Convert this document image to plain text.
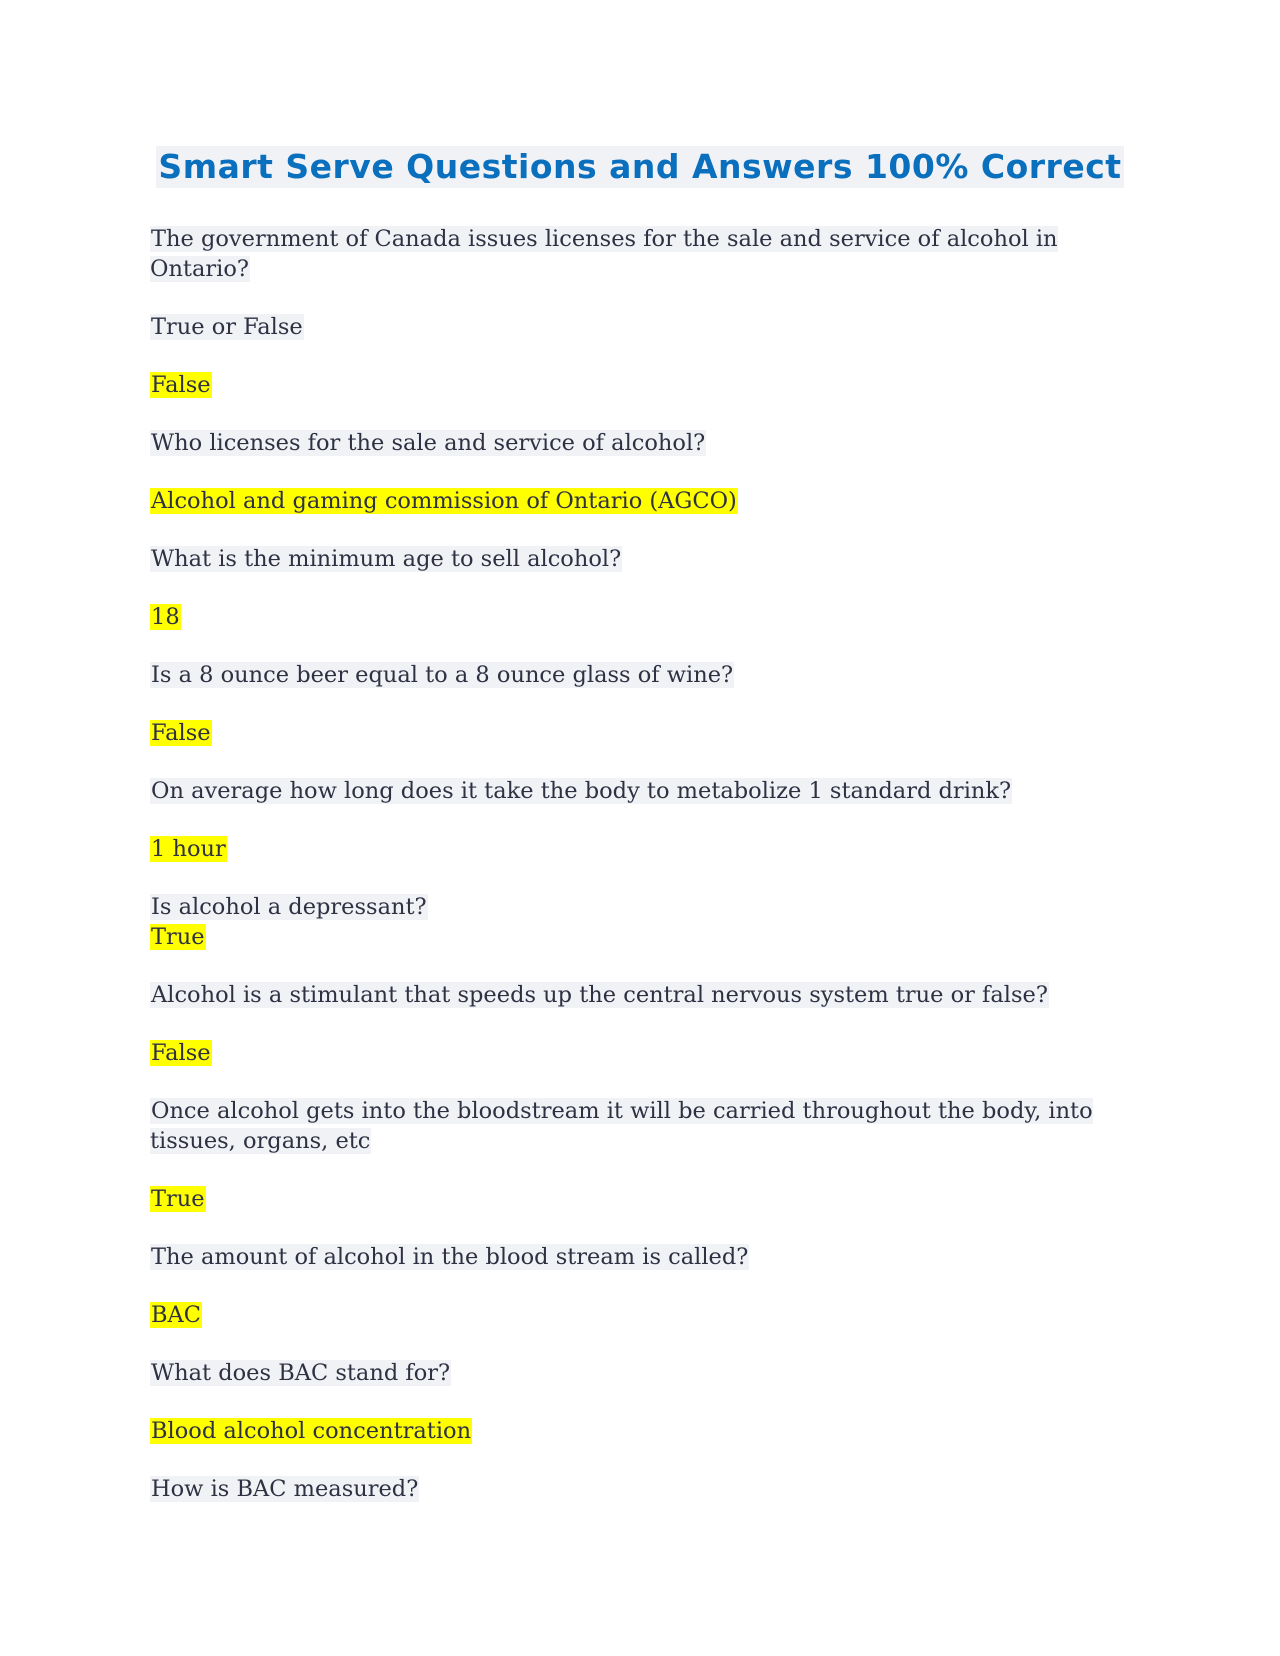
Smart Serve Questions and Answers 100% Correct

The government of Canada issues licenses for the sale and service of alcohol in Ontario?

True or False

False

Who licenses for the sale and service of alcohol?

Alcohol and gaming commission of Ontario (AGCO)

What is the minimum age to sell alcohol?

18

Is a 8 ounce beer equal to a 8 ounce glass of wine?

False

On average how long does it take the body to metabolize 1 standard drink?

1 hour

Is alcohol a depressant?

True

Alcohol is a stimulant that speeds up the central nervous system true or false?

False

Once alcohol gets into the bloodstream it will be carried throughout the body, into tissues, organs, etc

True

The amount of alcohol in the blood stream is called?

BAC

What does BAC stand for?

Blood alcohol concentration

How is BAC measured?
